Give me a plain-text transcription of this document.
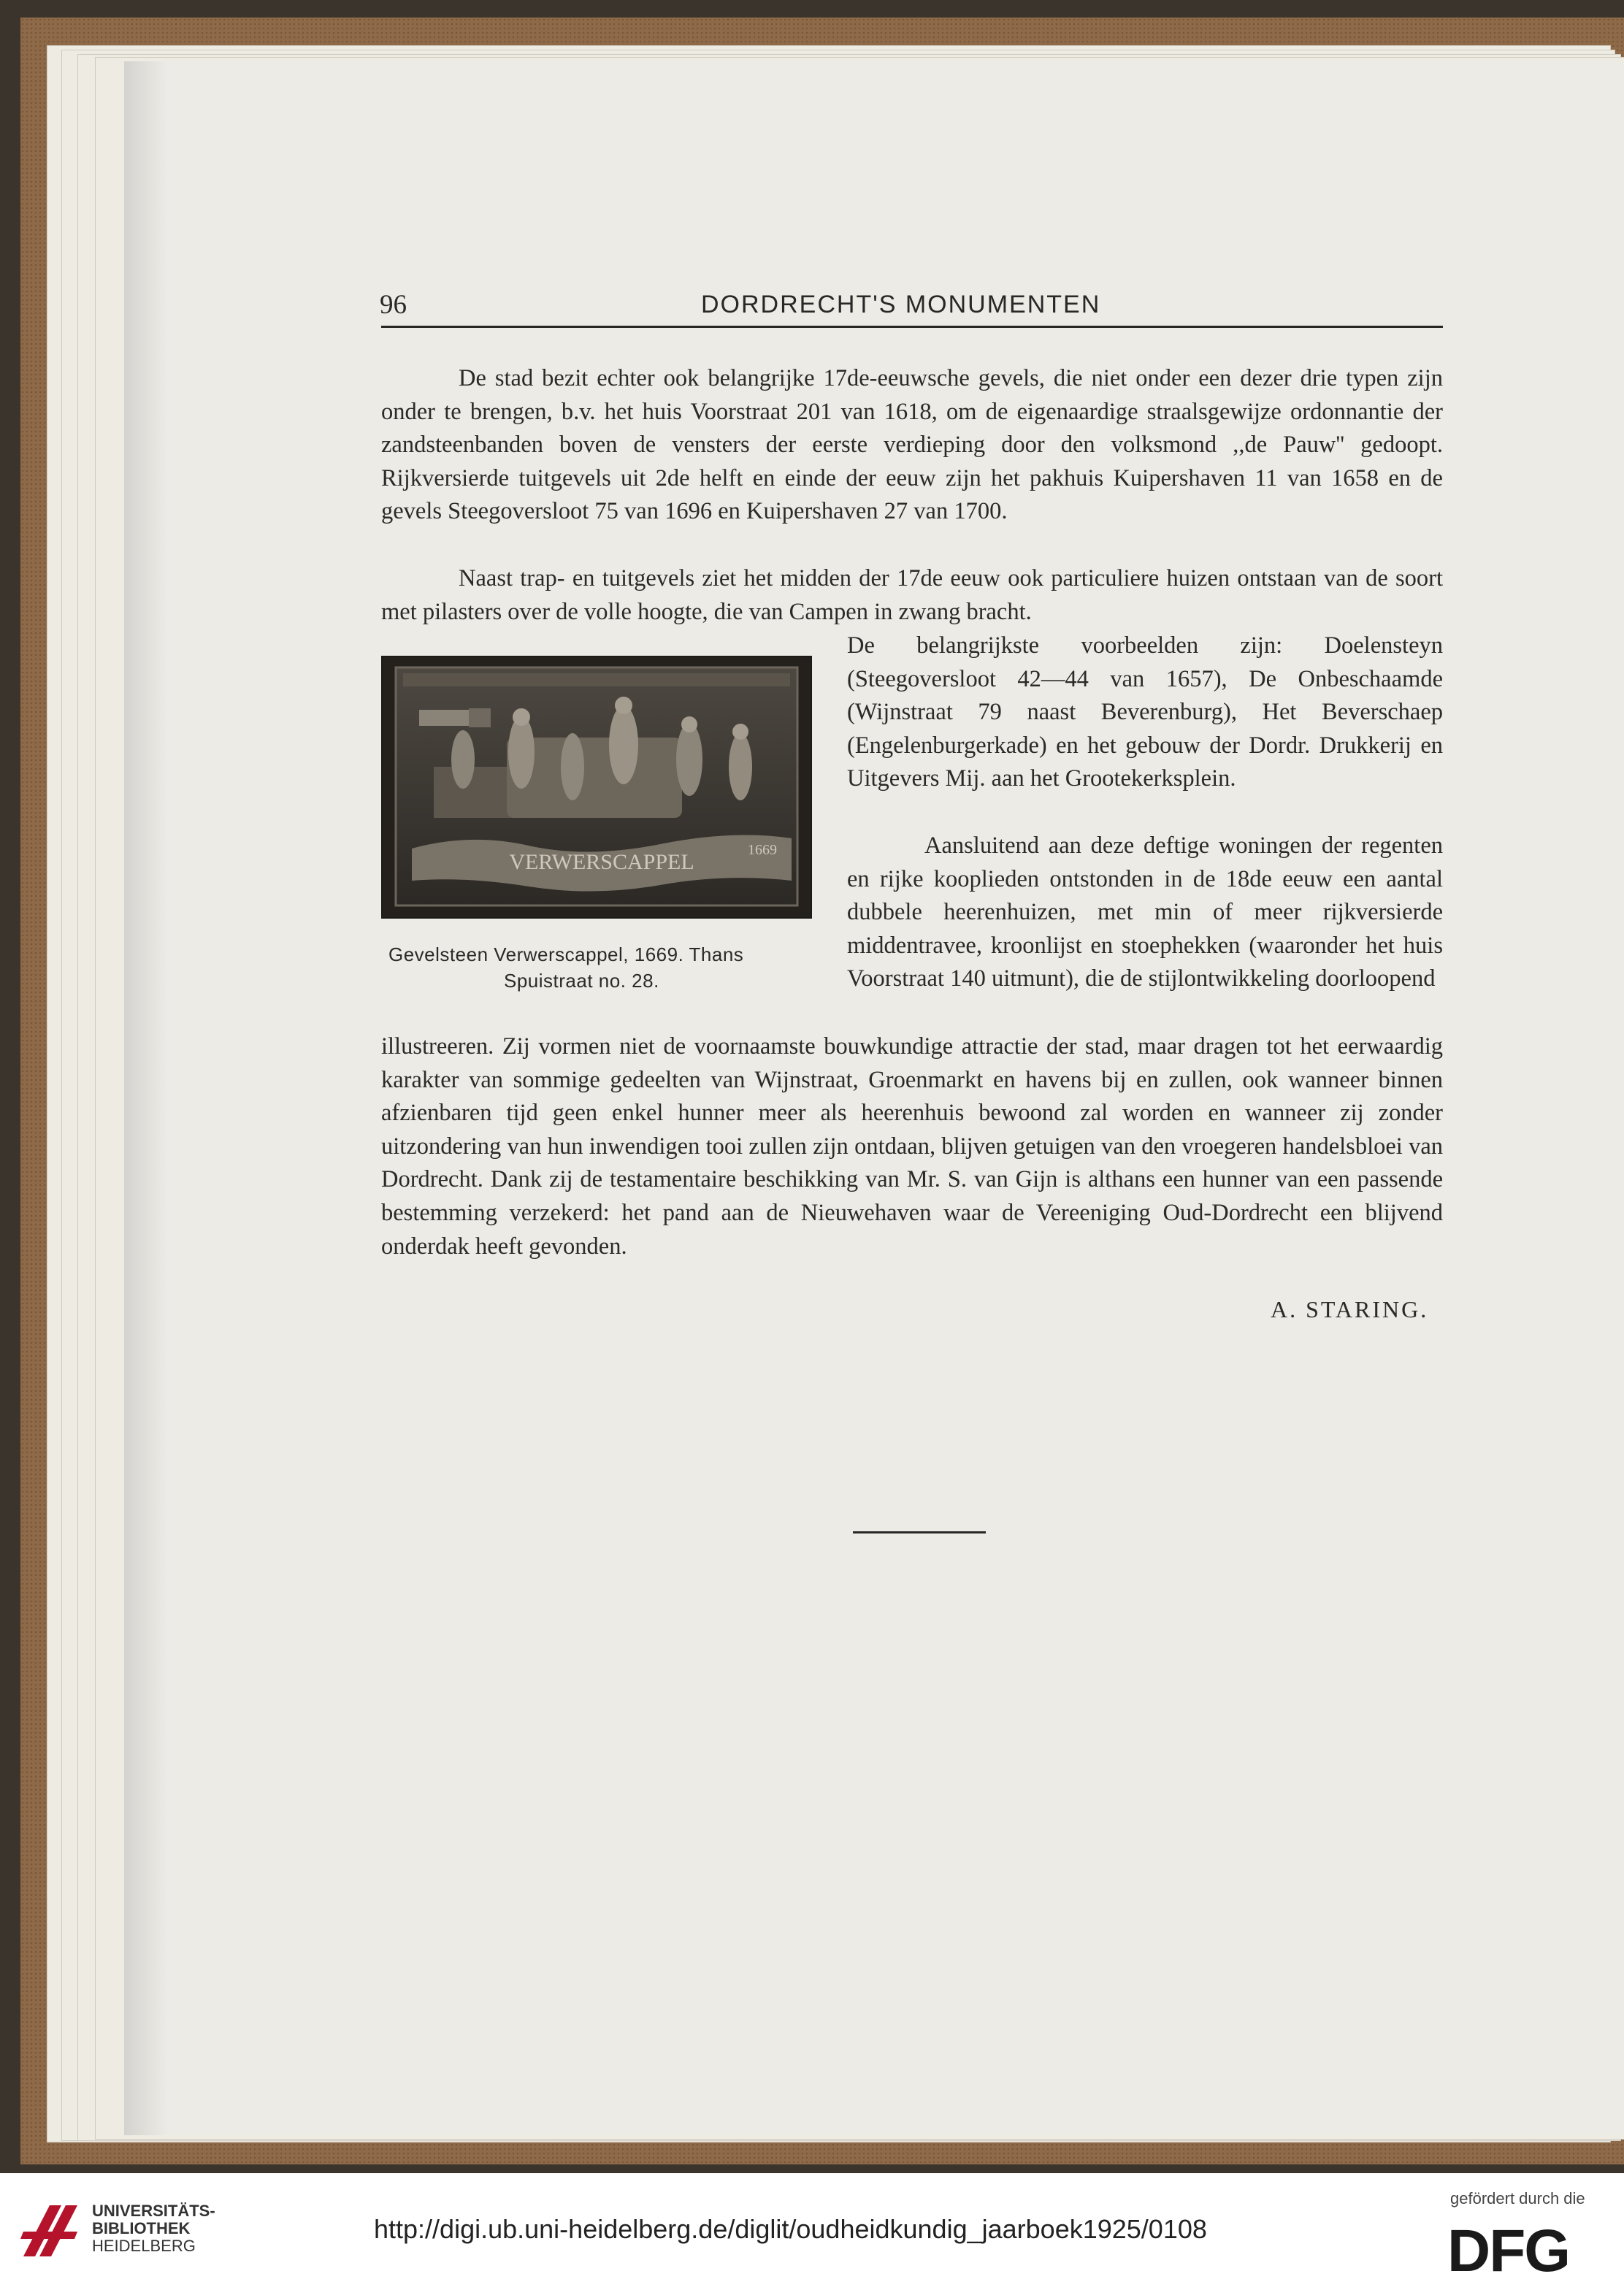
96	DORDRECHT'S MONUMENTEN

De stad bezit echter ook belangrijke 17de-eeuwsche gevels, die niet onder een dezer drie typen zijn onder te brengen, b.v. het huis Voorstraat 201 van 1618, om de eigenaardige straalsgewijze ordonnantie der zandsteenbanden boven de vensters der eerste verdieping door den volksmond ,,de Pauw'' gedoopt. Rijkversierde tuitgevels uit 2de helft en einde der eeuw zijn het pakhuis Kuipershaven 11 van 1658 en de gevels Steegoversloot 75 van 1696 en Kuipershaven 27 van 1700.

Naast trap- en tuitgevels ziet het midden der 17de eeuw ook particuliere huizen ontstaan van de soort met pilasters over de volle hoogte, die van Campen in zwang bracht.

De belangrijkste voorbeelden zijn: Doelensteyn (Steegoversloot 42—44 van 1657), De Onbeschaamde (Wijnstraat 79 naast Beverenburg), Het Beverschaep (Engelenburgerkade) en het gebouw der Dordr. Drukkerij en Uitgevers Mij. aan het Grootekerksplein.

Aansluitend aan deze deftige woningen der regenten en rijke kooplieden ontstonden in de 18de eeuw een aantal dubbele heerenhuizen, met min of meer rijkversierde middentravee, kroonlijst en stoephekken (waaronder het huis Voorstraat 140 uitmunt), die de stijlontwikkeling doorloopend

illustreeren. Zij vormen niet de voornaamste bouwkundige attractie der stad, maar dragen tot het eerwaardig karakter van sommige gedeelten van Wijnstraat, Groenmarkt en havens bij en zullen, ook wanneer binnen afzienbaren tijd geen enkel hunner meer als heerenhuis bewoond zal worden en wanneer zij zonder uitzondering van hun inwendigen tooi zullen zijn ontdaan, blijven getuigen van den vroegeren handelsbloei van Dordrecht. Dank zij de testamentaire beschikking van Mr. S. van Gijn is althans een hunner van een passende bestemming verzekerd: het pand aan de Nieuwehaven waar de Vereeniging Oud-Dordrecht een blijvend onderdak heeft gevonden.

A. STARING.
VERWERSCAPPEL	1669
Gevelsteen Verwerscappel, 1669. Thans
Spuistraat no. 28.
UNIVERSITÄTS-
BIBLIOTHEK
HEIDELBERG
http://digi.ub.uni-heidelberg.de/diglit/oudheidkundig_jaarboek1925/0108
gefördert durch die
DFG
